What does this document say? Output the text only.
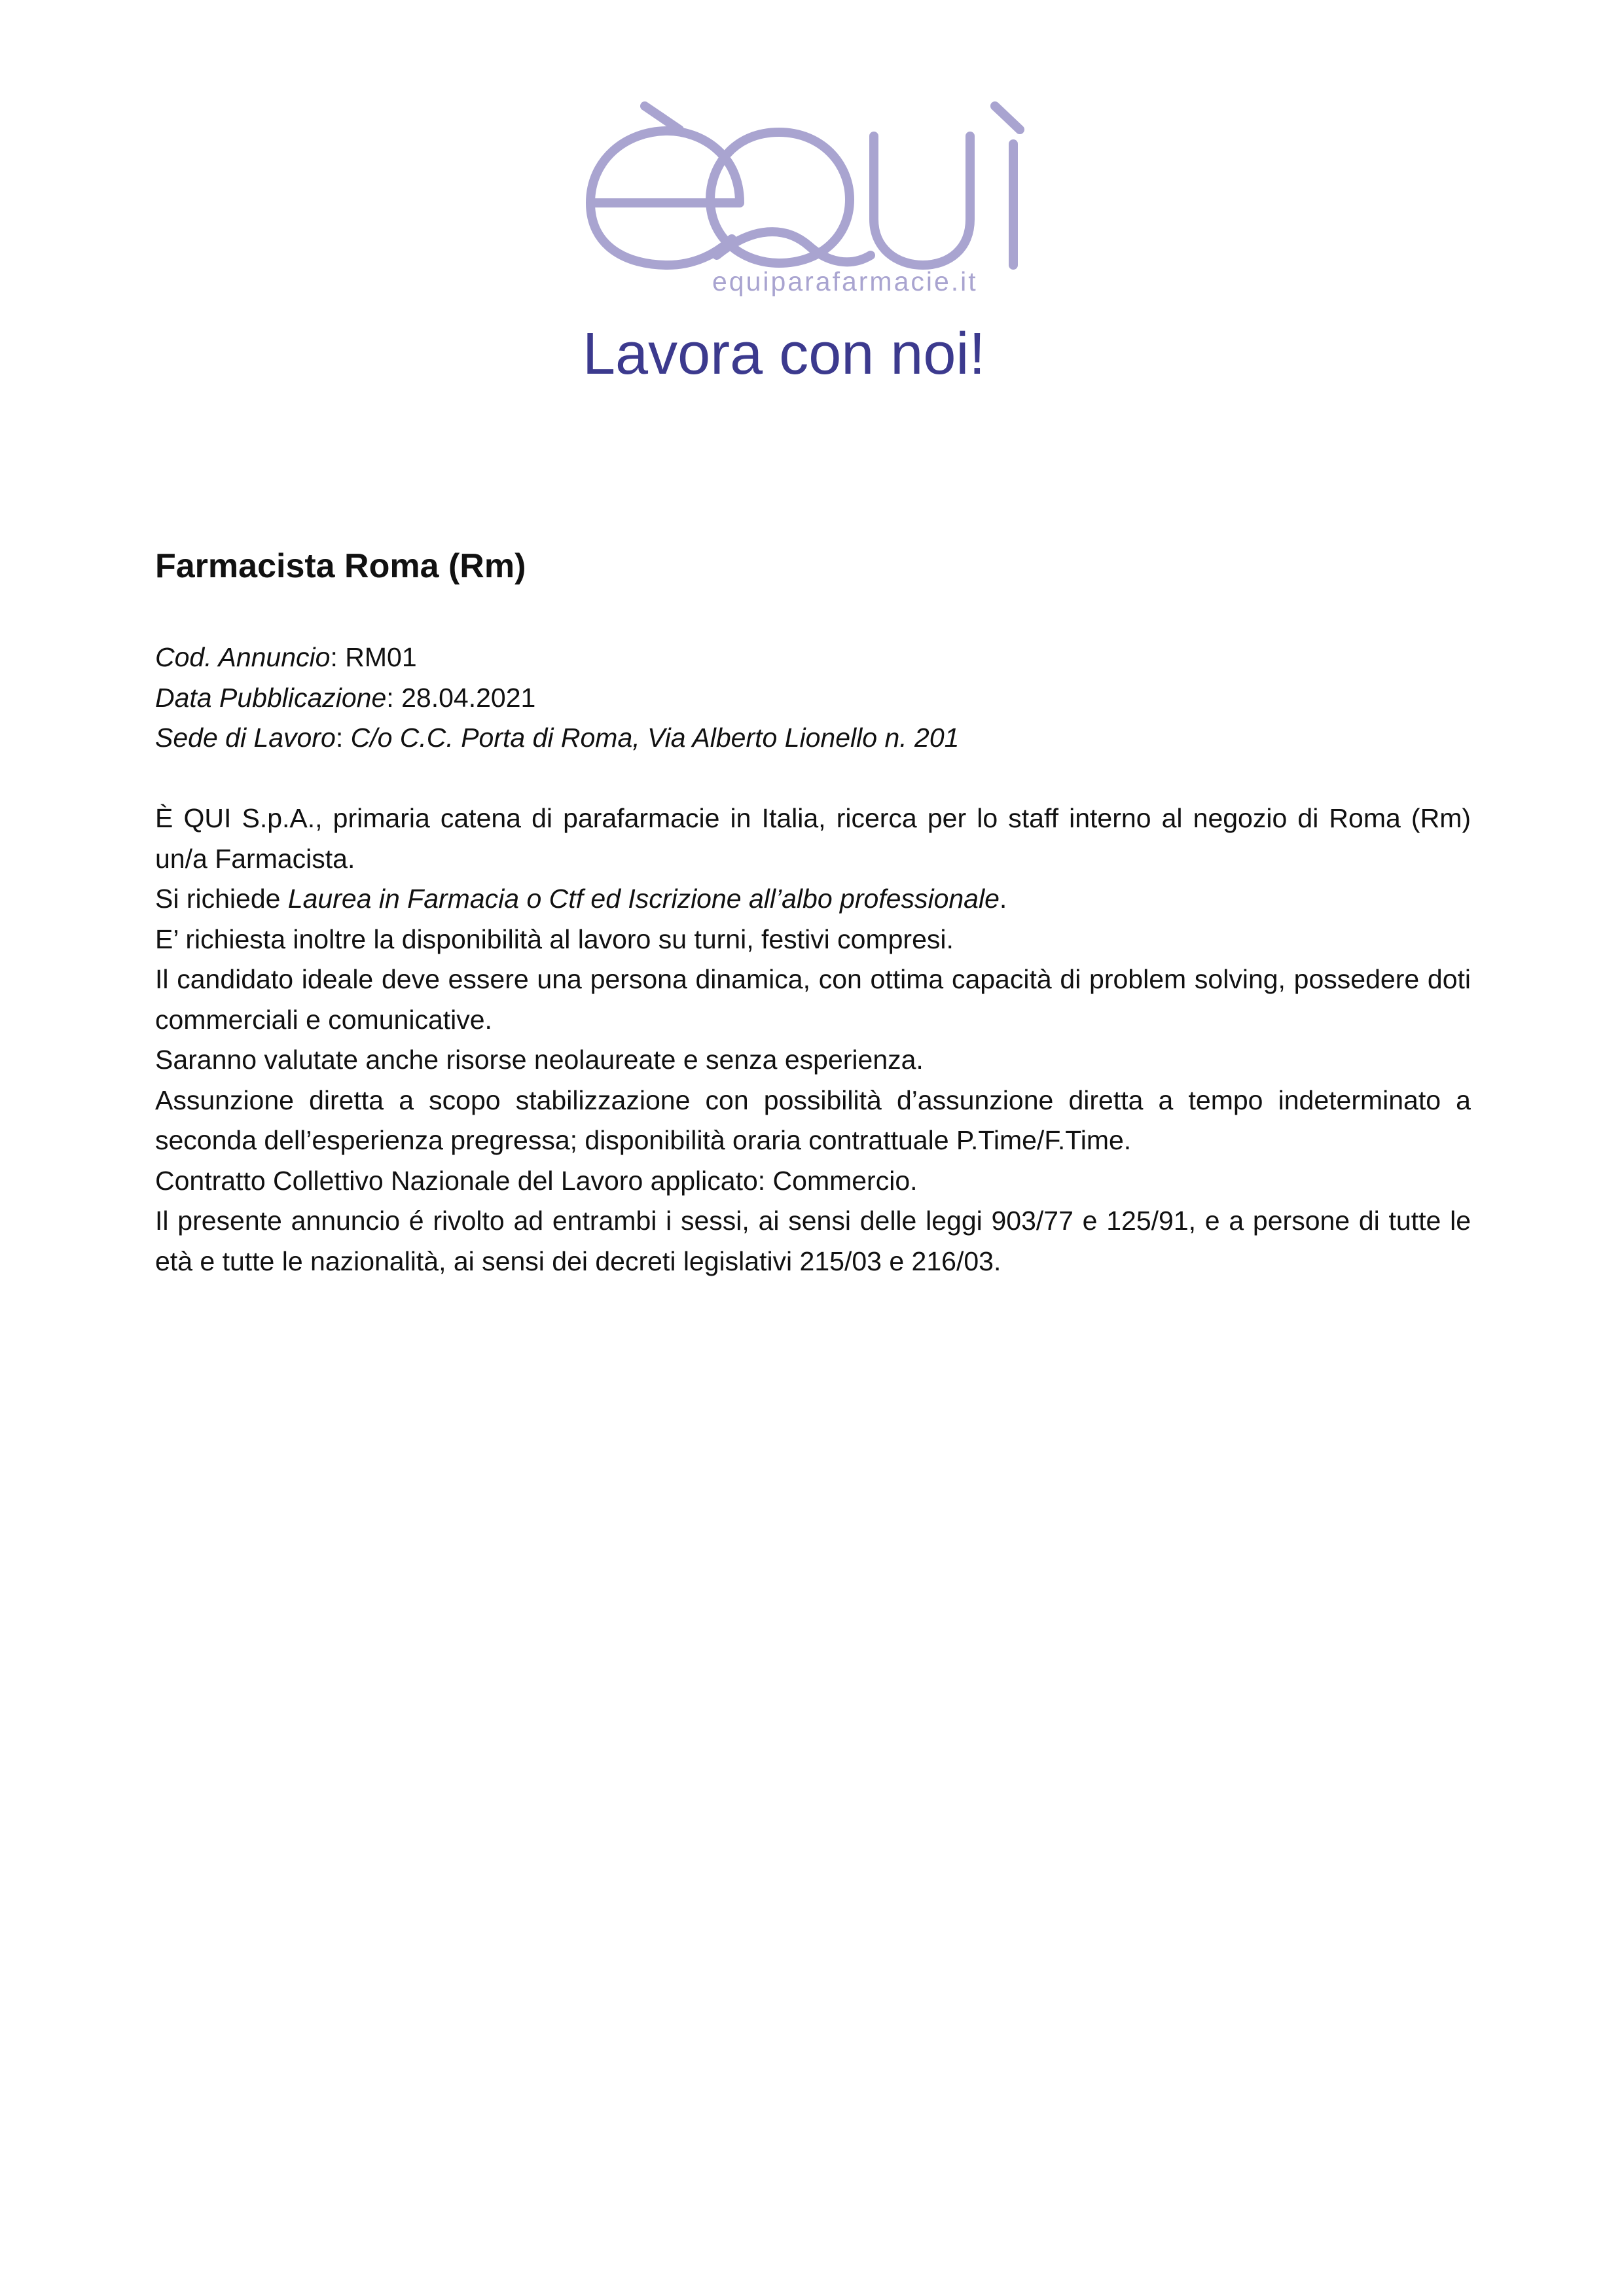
equiparafarmacie.it
Lavora con noi!
Farmacista Roma (Rm)
Cod. Annuncio: RM01
Data Pubblicazione: 28.04.2021
Sede di Lavoro: C/o C.C. Porta di Roma, Via Alberto Lionello n. 201

È QUI S.p.A., primaria catena di parafarmacie in Italia, ricerca per lo staff interno al negozio di Roma (Rm) un/a Farmacista.

Si richiede Laurea in Farmacia o Ctf ed Iscrizione all’albo professionale.

E’ richiesta inoltre la disponibilità al lavoro su turni, festivi compresi.

Il candidato ideale deve essere una persona dinamica, con ottima capacità di problem solving, possedere doti commerciali e comunicative.

Saranno valutate anche risorse neolaureate e senza esperienza.

Assunzione diretta a scopo stabilizzazione con possibilità d’assunzione diretta a tempo indeterminato a seconda dell’esperienza pregressa; disponibilità oraria contrattuale P.Time/F.Time.

Contratto Collettivo Nazionale del Lavoro applicato: Commercio.

Il presente annuncio é rivolto ad entrambi i sessi, ai sensi delle leggi 903/77 e 125/91, e a persone di tutte le età e tutte le nazionalità, ai sensi dei decreti legislativi 215/03 e 216/03.
